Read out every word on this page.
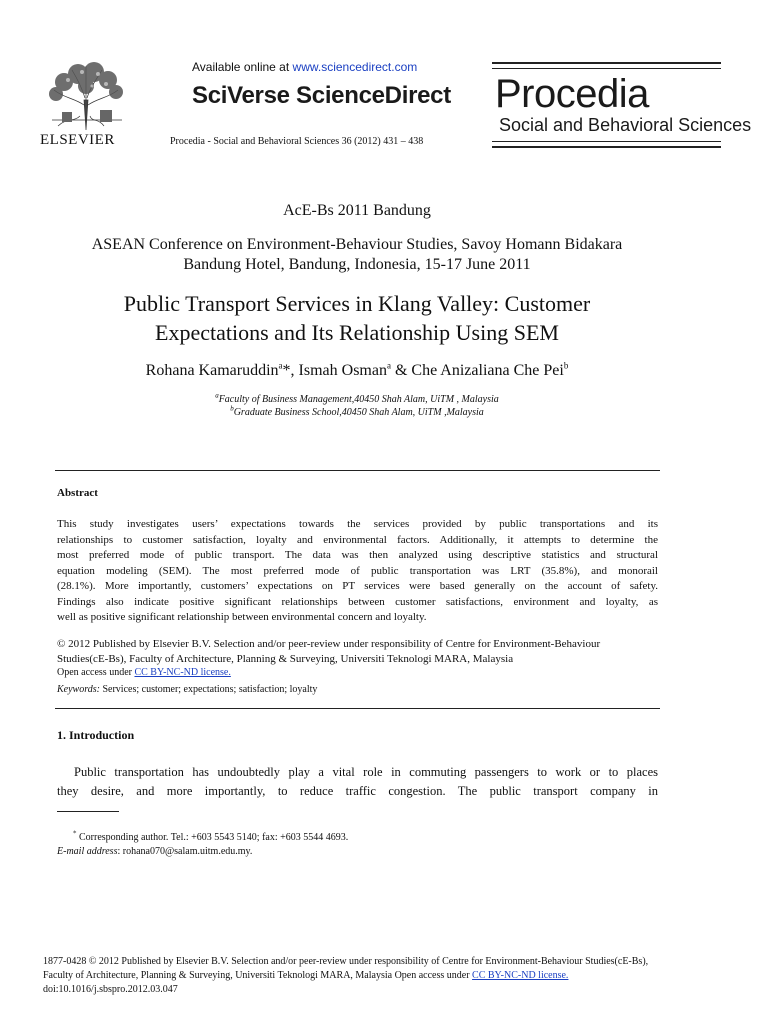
Available online at www.sciencedirect.com
SciVerse ScienceDirect
ELSEVIER	Procedia - Social and Behavioral Sciences 36 (2012) 431 – 438
Procedia
Social and Behavioral Sciences
AcE-Bs 2011 Bandung
ASEAN Conference on Environment-Behaviour Studies, Savoy Homann Bidakara
Bandung Hotel, Bandung, Indonesia, 15-17 June 2011
Public Transport Services in Klang Valley: Customer
Expectations and Its Relationship Using SEM
Rohana Kamaruddin$^a$*, Ismah Osman$^a$ & Che Anizaliana Che Pei$^b$
$^a$Faculty of Business Management,40450 Shah Alam, UiTM , Malaysia
$^b$Graduate Business School,40450 Shah Alam, UiTM ,Malaysia
Abstract
This study investigates users’ expectations towards the services provided by public transportations and its
relationships to customer satisfaction, loyalty and environmental factors. Additionally, it attempts to determine the
most preferred mode of public transport. The data was then analyzed using descriptive statistics and structural
equation modeling (SEM). The most preferred mode of public transportation was LRT (35.8%), and monorail
(28.1%). More importantly, customers’ expectations on PT services were based generally on the account of safety.
Findings also indicate positive significant relationships between customer satisfactions, environment and loyalty, as
well as positive significant relationship between environmental concern and loyalty.
© 2012 Published by Elsevier B.V. Selection and/or peer-review under responsibility of Centre for Environment-Behaviour
Studies(cE-Bs), Faculty of Architecture, Planning & Surveying, Universiti Teknologi MARA, Malaysia
Open access under CC BY-NC-ND license.
Keywords: Services; customer; expectations; satisfaction; loyalty
1. Introduction
Public transportation has undoubtedly play a vital role in commuting passengers to work or to places
they desire, and more importantly, to reduce traffic congestion. The public transport company in
* Corresponding author. Tel.: +603 5543 5140; fax: +603 5544 4693.
E-mail address: rohana070@salam.uitm.edu.my.
1877-0428 © 2012 Published by Elsevier B.V. Selection and/or peer-review under responsibility of Centre for Environment-Behaviour Studies(cE-Bs),
Faculty of Architecture, Planning & Surveying, Universiti Teknologi MARA, Malaysia Open access under CC BY-NC-ND license.
doi:10.1016/j.sbspro.2012.03.047
